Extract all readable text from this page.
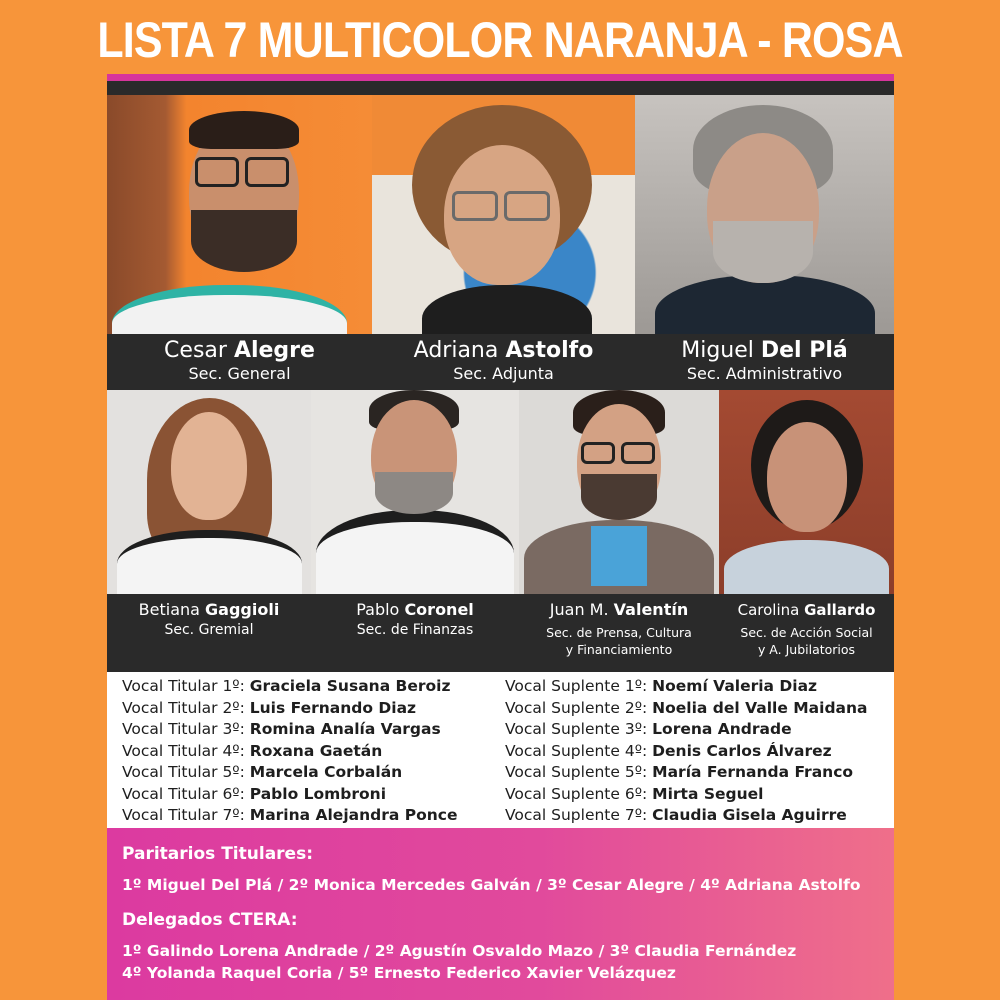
LISTA 7 MULTICOLOR NARANJA - ROSA
Cesar Alegre
Sec. General
Adriana Astolfo
Sec. Adjunta
Miguel Del Plá
Sec. Administrativo
Betiana Gaggioli
Sec. Gremial
Pablo Coronel
Sec. de Finanzas
Juan M. Valentín
Sec. de Prensa, Cultura
y Financiamiento
Carolina Gallardo
Sec. de Acción Social
y A. Jubilatorios
Vocal Titular 1º: Graciela Susana Beroiz
Vocal Titular 2º: Luis Fernando Diaz
Vocal Titular 3º: Romina Analía Vargas
Vocal Titular 4º: Roxana Gaetán
Vocal Titular 5º: Marcela Corbalán
Vocal Titular 6º: Pablo Lombroni
Vocal Titular 7º: Marina Alejandra Ponce
Vocal Suplente 1º: Noemí Valeria Diaz
Vocal Suplente 2º: Noelia del Valle Maidana
Vocal Suplente 3º: Lorena Andrade
Vocal Suplente 4º: Denis Carlos Álvarez
Vocal Suplente 5º: María Fernanda Franco
Vocal Suplente 6º: Mirta Seguel
Vocal Suplente 7º: Claudia Gisela Aguirre
Paritarios Titulares:
1º Miguel Del Plá / 2º Monica Mercedes Galván / 3º Cesar Alegre / 4º Adriana Astolfo
Delegados CTERA:
1º Galindo Lorena Andrade / 2º Agustín Osvaldo Mazo / 3º Claudia Fernández
4º Yolanda Raquel Coria / 5º Ernesto Federico Xavier Velázquez
